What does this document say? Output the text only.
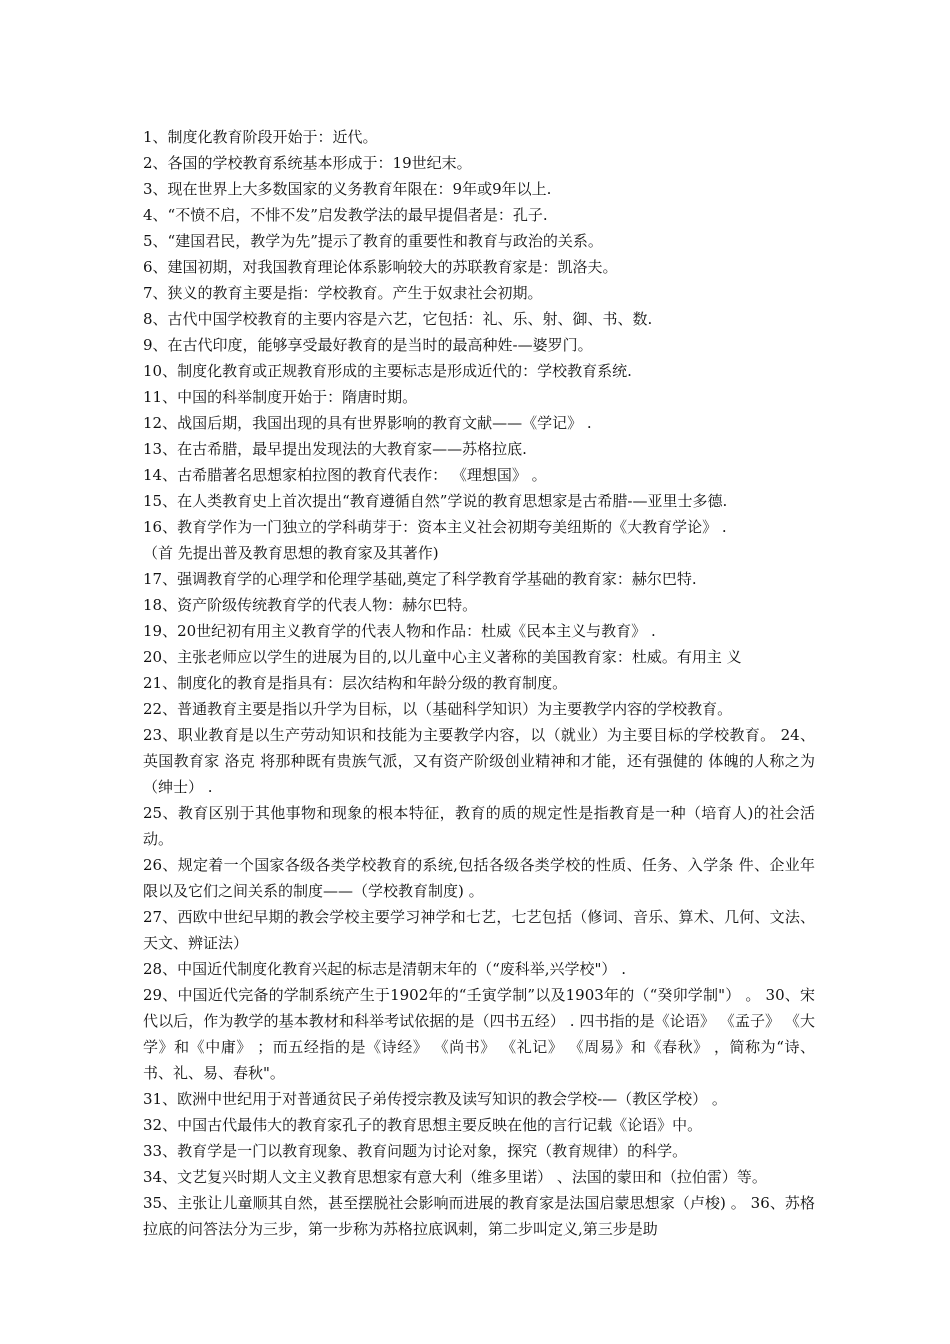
1、制度化教育阶段开始于：近代。

2、各国的学校教育系统基本形成于：19世纪末。

3、现在世界上大多数国家的义务教育年限在：9年或9年以上.

4、“不愤不启，不悱不发”启发教学法的最早提倡者是：孔子.

5、“建国君民，教学为先”提示了教育的重要性和教育与政治的关系。

6、建国初期，对我国教育理论体系影响较大的苏联教育家是：凯洛夫。

7、狭义的教育主要是指：学校教育。产生于奴隶社会初期。

8、古代中国学校教育的主要内容是六艺，它包括：礼、乐、射、御、书、数.

9、在古代印度，能够享受最好教育的是当时的最高种姓-—婆罗门。

10、制度化教育或正规教育形成的主要标志是形成近代的：学校教育系统.

11、中国的科举制度开始于：隋唐时期。

12、战国后期，我国出现的具有世界影响的教育文献——《学记》 .

13、在古希腊，最早提出发现法的大教育家——苏格拉底.

14、古希腊著名思想家柏拉图的教育代表作： 《理想国》 。

15、在人类教育史上首次提出“教育遵循自然”学说的教育思想家是古希腊-—亚里士多德.

16、教育学作为一门独立的学科萌芽于：资本主义社会初期夸美纽斯的《大教育学论》 .

（首 先提出普及教育思想的教育家及其著作)

17、强调教育学的心理学和伦理学基础,奠定了科学教育学基础的教育家：赫尔巴特.

18、资产阶级传统教育学的代表人物：赫尔巴特。

19、20世纪初有用主义教育学的代表人物和作品：杜威《民本主义与教育》 .

20、主张老师应以学生的进展为目的,以儿童中心主义著称的美国教育家：杜威。有用主 义

21、制度化的教育是指具有：层次结构和年龄分级的教育制度。

22、普通教育主要是指以升学为目标，以（基础科学知识）为主要教学内容的学校教育。

23、职业教育是以生产劳动知识和技能为主要教学内容，以（就业）为主要目标的学校教育。 24、英国教育家 洛克 将那种既有贵族气派，又有资产阶级创业精神和才能，还有强健的 体魄的人称之为（绅士） .

25、教育区别于其他事物和现象的根本特征，教育的质的规定性是指教育是一种（培育人)的社会活动。

26、规定着一个国家各级各类学校教育的系统,包括各级各类学校的性质、任务、入学条 件、企业年限以及它们之间关系的制度——（学校教育制度) 。

27、西欧中世纪早期的教会学校主要学习神学和七艺，七艺包括（修词、音乐、算术、几何、文法、天文、辨证法）

28、中国近代制度化教育兴起的标志是清朝末年的（“废科举,兴学校"） .

29、中国近代完备的学制系统产生于1902年的“壬寅学制”以及1903年的（“癸卯学制"） 。 30、宋代以后，作为教学的基本教材和科举考试依据的是（四书五经） . 四书指的是《论语》 《孟子》 《大学》和《中庸》 ；而五经指的是《诗经》 《尚书》 《礼记》 《周易》和《春秋》 ，简称为“诗、书、礼、易、春秋"。

31、欧洲中世纪用于对普通贫民子弟传授宗教及读写知识的教会学校-—（教区学校） 。

32、中国古代最伟大的教育家孔子的教育思想主要反映在他的言行记载《论语》中。

33、教育学是一门以教育现象、教育问题为讨论对象，探究（教育规律）的科学。

34、文艺复兴时期人文主义教育思想家有意大利（维多里诺） 、法国的蒙田和（拉伯雷）等。

35、主张让儿童顺其自然，甚至摆脱社会影响而进展的教育家是法国启蒙思想家（卢梭) 。 36、苏格拉底的问答法分为三步，第一步称为苏格拉底讽刺，第二步叫定义,第三步是助
